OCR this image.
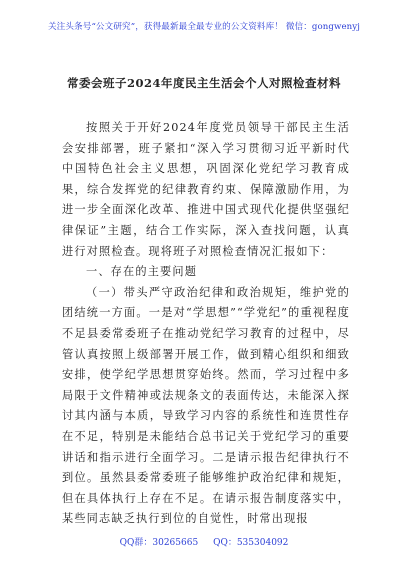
关注头条号“公文研究”，获得最新最全最专业的公文资料库！ 微信：gongwenyj
常委会班子2024年度民主生活会个人对照检查材料

按照关于开好2024年度党员领导干部民主生活会安排部署，班子紧扣“深入学习贯彻习近平新时代中国特色社会主义思想，巩固深化党纪学习教育成果，综合发挥党的纪律教育约束、保障激励作用，为进一步全面深化改革、推进中国式现代化提供坚强纪律保证”主题，结合工作实际，深入查找问题，认真进行对照检查。现将班子对照检查情况汇报如下：

一、存在的主要问题

（一）带头严守政治纪律和政治规矩，维护党的团结统一方面。一是对“学思想”“学党纪”的重视程度不足县委常委班子在推动党纪学习教育的过程中，尽管认真按照上级部署开展工作，做到精心组织和细致安排，使学纪学思想贯穿始终。然而，学习过程中多局限于文件精神或法规条文的表面传达，未能深入探讨其内涵与本质，导致学习内容的系统性和连贯性存在不足，特别是未能结合总书记关于党纪学习的重要讲话和指示进行全面学习。二是请示报告纪律执行不到位。虽然县委常委班子能够维护政治纪律和规矩，但在具体执行上存在不足。在请示报告制度落实中，某些同志缺乏执行到位的自觉性，时常出现报

QQ群：30265665 QQ：535304092
